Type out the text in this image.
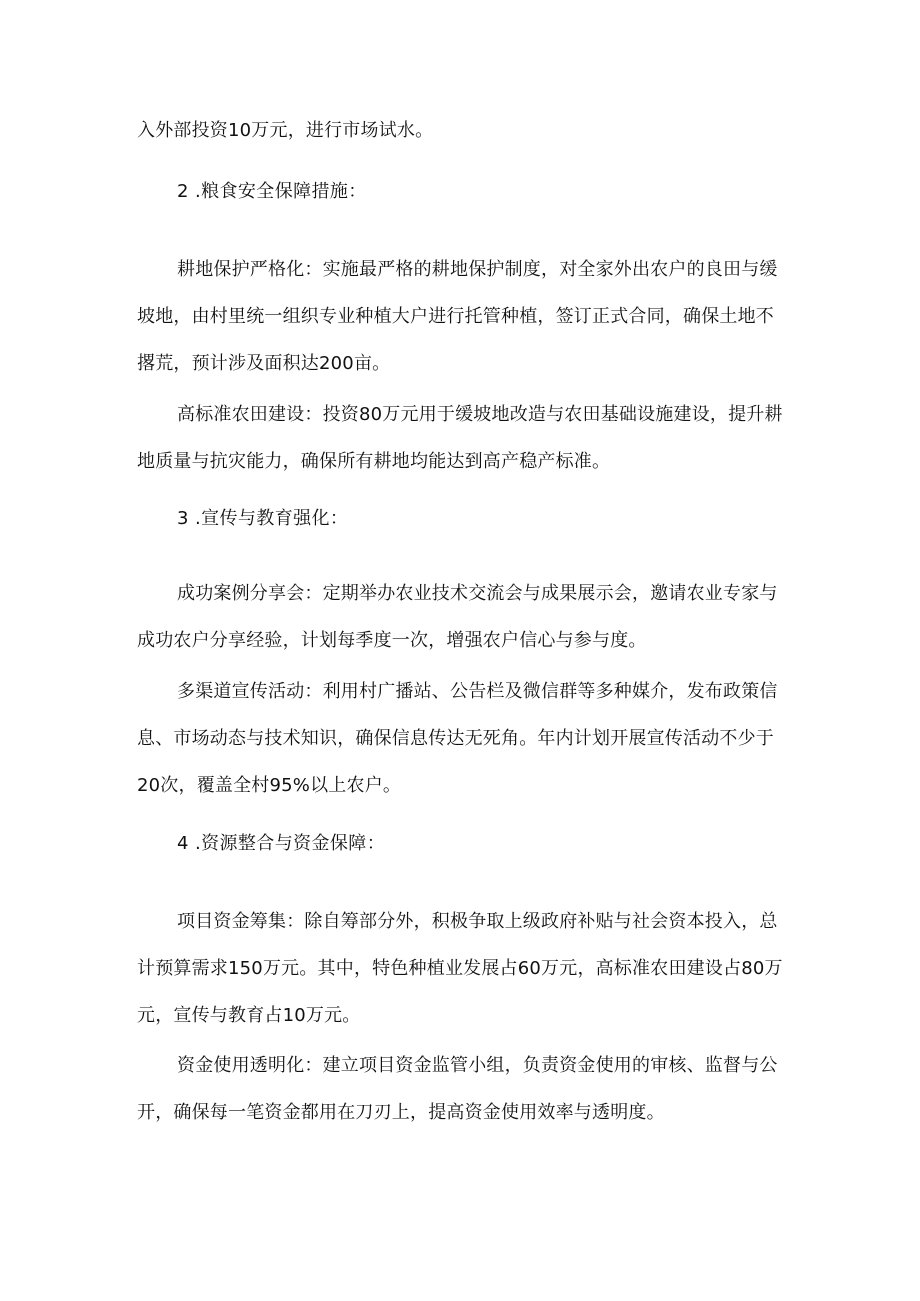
入外部投资10万元，进行市场试水。
2 .粮食安全保障措施：
耕地保护严格化：实施最严格的耕地保护制度，对全家外出农户的良田与缓
坡地，由村里统一组织专业种植大户进行托管种植，签订正式合同，确保土地不
撂荒，预计涉及面积达200亩。
高标准农田建设：投资80万元用于缓坡地改造与农田基础设施建设，提升耕
地质量与抗灾能力，确保所有耕地均能达到高产稳产标准。
3 .宣传与教育强化：
成功案例分享会：定期举办农业技术交流会与成果展示会，邀请农业专家与
成功农户分享经验，计划每季度一次，增强农户信心与参与度。
多渠道宣传活动：利用村广播站、公告栏及微信群等多种媒介，发布政策信
息、市场动态与技术知识，确保信息传达无死角。年内计划开展宣传活动不少于
20次，覆盖全村95%以上农户。
4 .资源整合与资金保障：
项目资金筹集：除自筹部分外，积极争取上级政府补贴与社会资本投入，总
计预算需求150万元。其中，特色种植业发展占60万元，高标准农田建设占80万
元，宣传与教育占10万元。
资金使用透明化：建立项目资金监管小组，负责资金使用的审核、监督与公
开，确保每一笔资金都用在刀刃上，提高资金使用效率与透明度。
